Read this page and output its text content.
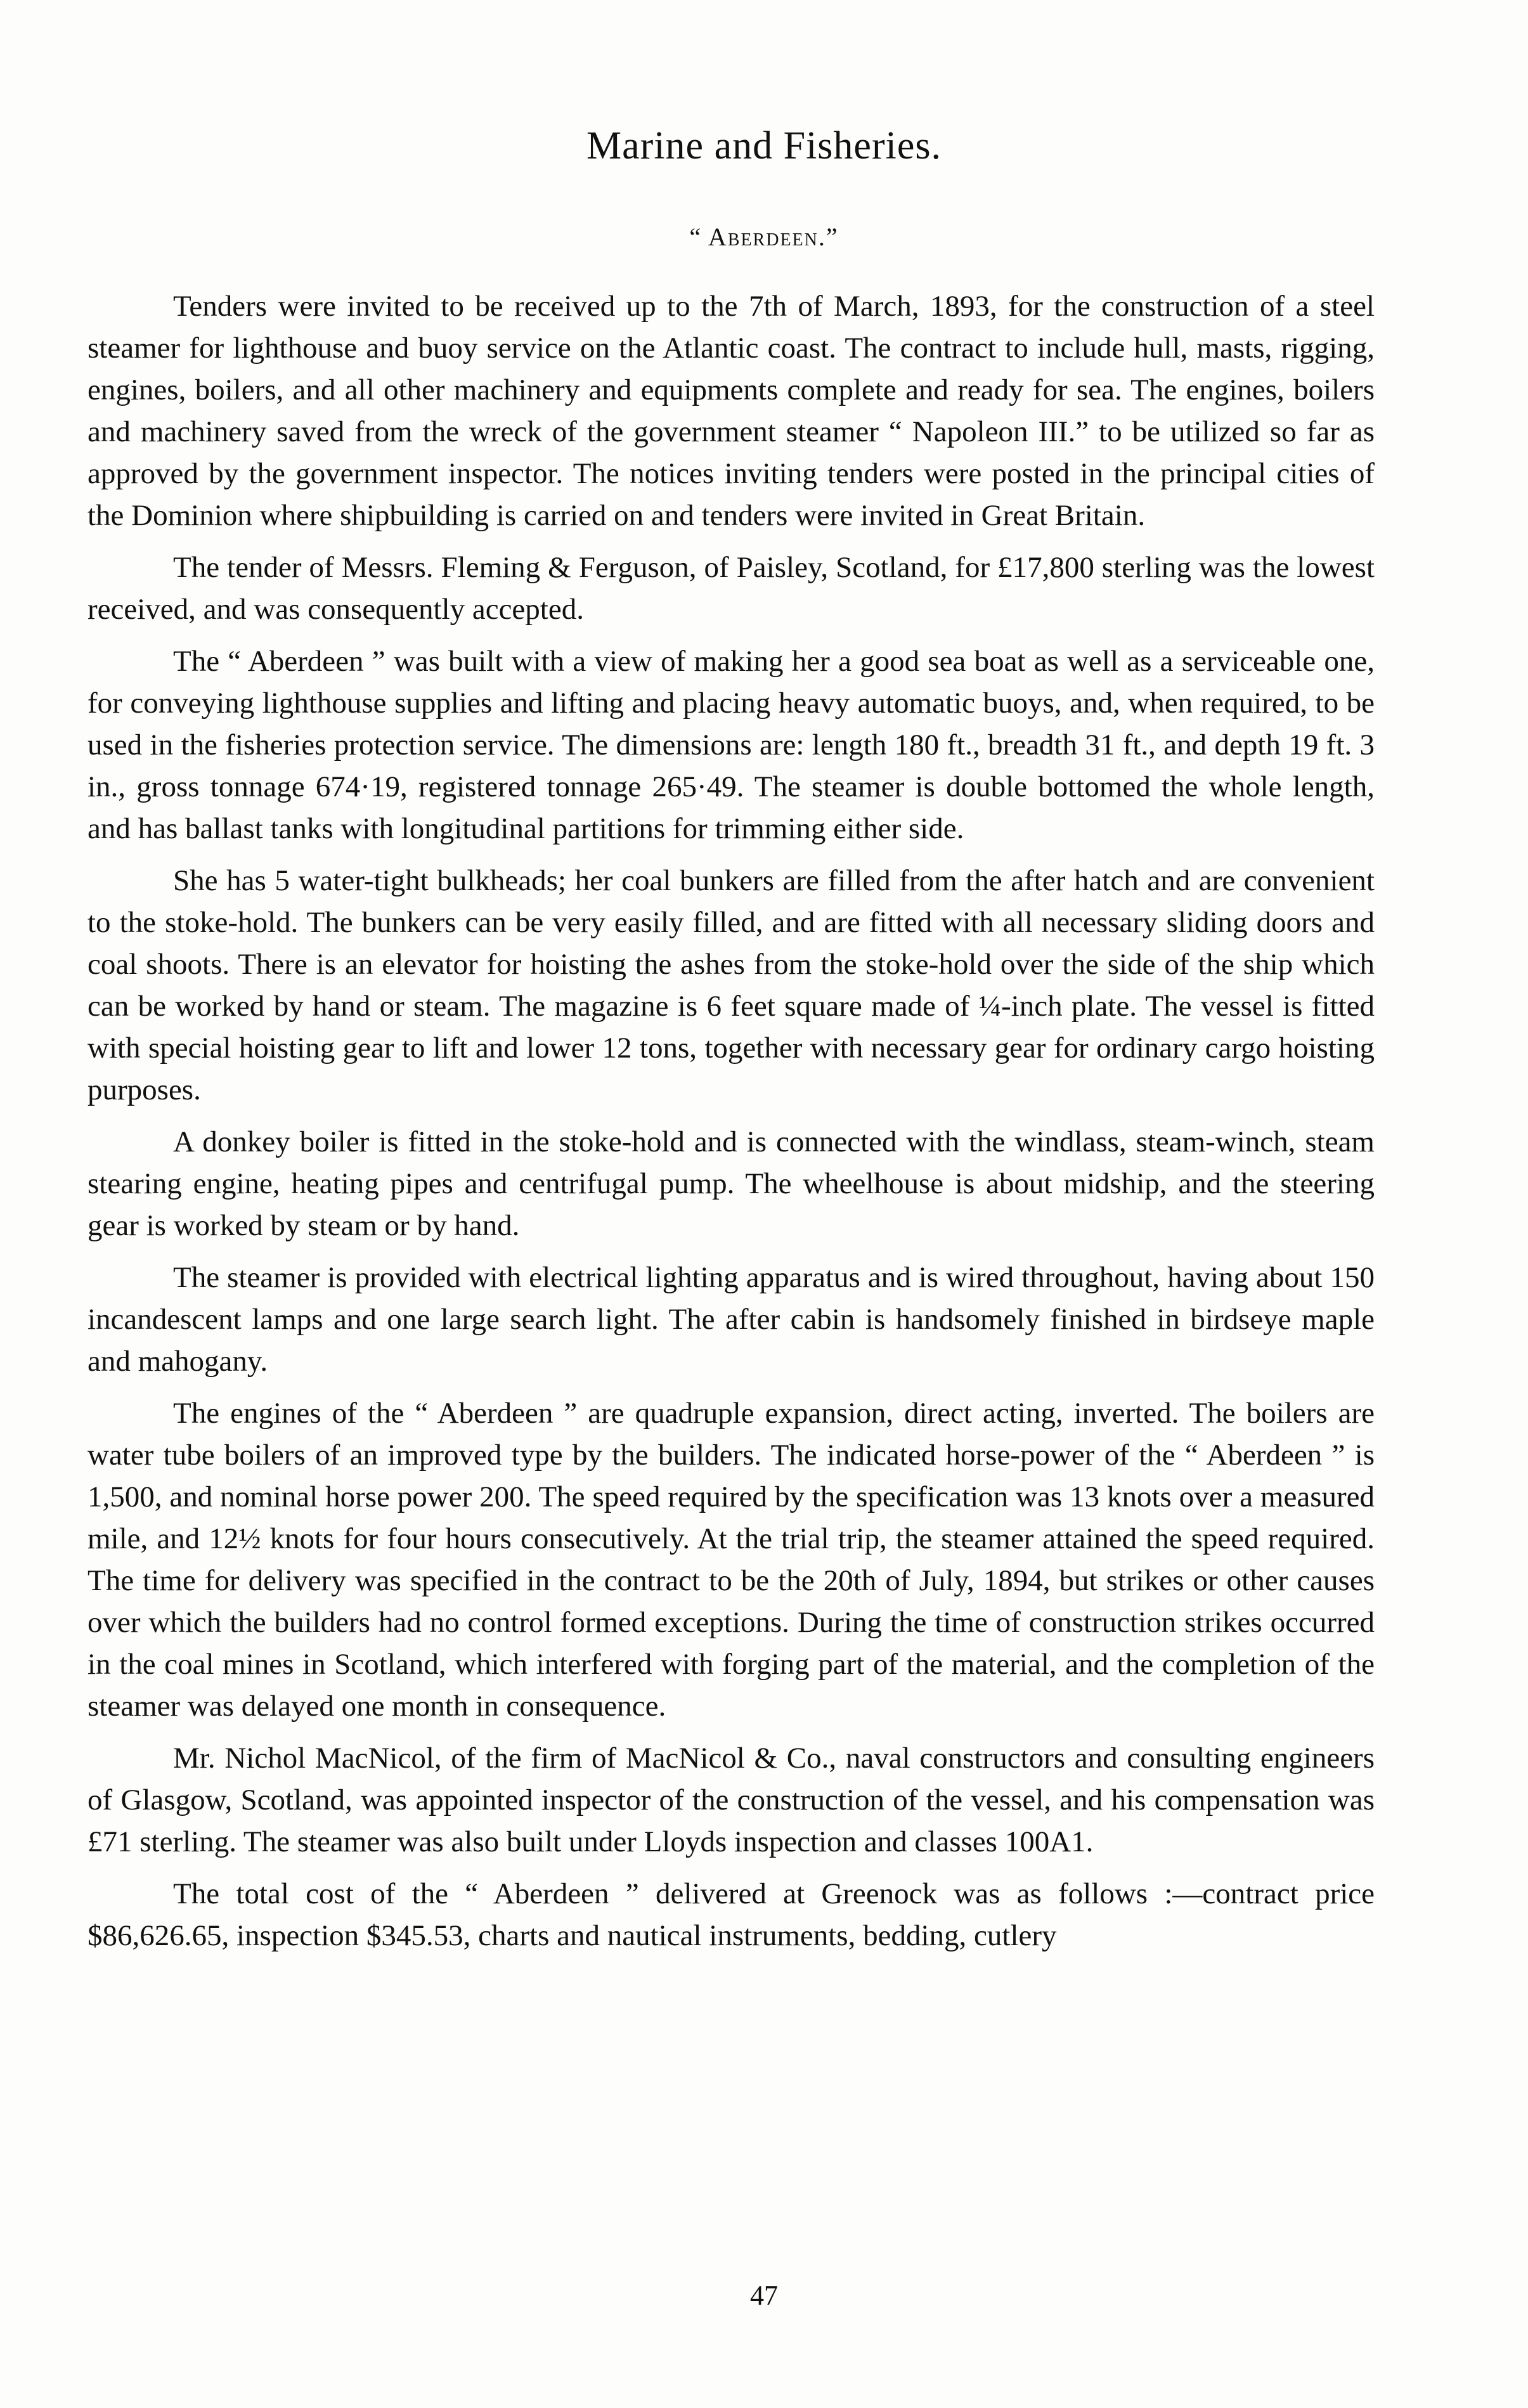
Marine and Fisheries.
“ Aberdeen.”

Tenders were invited to be received up to the 7th of March, 1893, for the construction of a steel steamer for lighthouse and buoy service on the Atlantic coast. The contract to include hull, masts, rigging, engines, boilers, and all other machinery and equipments complete and ready for sea. The engines, boilers and machinery saved from the wreck of the government steamer “ Napoleon III.” to be utilized so far as approved by the government inspector. The notices inviting tenders were posted in the principal cities of the Dominion where shipbuilding is carried on and tenders were invited in Great Britain.

The tender of Messrs. Fleming & Ferguson, of Paisley, Scotland, for £17,800 sterling was the lowest received, and was consequently accepted.

The “ Aberdeen ” was built with a view of making her a good sea boat as well as a serviceable one, for conveying lighthouse supplies and lifting and placing heavy automatic buoys, and, when required, to be used in the fisheries protection service. The dimensions are: length 180 ft., breadth 31 ft., and depth 19 ft. 3 in., gross tonnage 674·19, registered tonnage 265·49. The steamer is double bottomed the whole length, and has ballast tanks with longitudinal partitions for trimming either side.

She has 5 water-tight bulkheads; her coal bunkers are filled from the after hatch and are convenient to the stoke-hold. The bunkers can be very easily filled, and are fitted with all necessary sliding doors and coal shoots. There is an elevator for hoisting the ashes from the stoke-hold over the side of the ship which can be worked by hand or steam. The magazine is 6 feet square made of ¼-inch plate. The vessel is fitted with special hoisting gear to lift and lower 12 tons, together with necessary gear for ordinary cargo hoisting purposes.

A donkey boiler is fitted in the stoke-hold and is connected with the windlass, steam-winch, steam stearing engine, heating pipes and centrifugal pump. The wheelhouse is about midship, and the steering gear is worked by steam or by hand.

The steamer is provided with electrical lighting apparatus and is wired throughout, having about 150 incandescent lamps and one large search light. The after cabin is handsomely finished in birdseye maple and mahogany.

The engines of the “ Aberdeen ” are quadruple expansion, direct acting, inverted. The boilers are water tube boilers of an improved type by the builders. The indicated horse-power of the “ Aberdeen ” is 1,500, and nominal horse power 200. The speed required by the specification was 13 knots over a measured mile, and 12½ knots for four hours consecutively. At the trial trip, the steamer attained the speed required. The time for delivery was specified in the contract to be the 20th of July, 1894, but strikes or other causes over which the builders had no control formed exceptions. During the time of construction strikes occurred in the coal mines in Scotland, which interfered with forging part of the material, and the completion of the steamer was delayed one month in consequence.

Mr. Nichol MacNicol, of the firm of MacNicol & Co., naval constructors and consulting engineers of Glasgow, Scotland, was appointed inspector of the construction of the vessel, and his compensation was £71 sterling. The steamer was also built under Lloyds inspection and classes 100A1.

The total cost of the “ Aberdeen ” delivered at Greenock was as follows :—contract price $86,626.65, inspection $345.53, charts and nautical instruments, bedding, cutlery

47
